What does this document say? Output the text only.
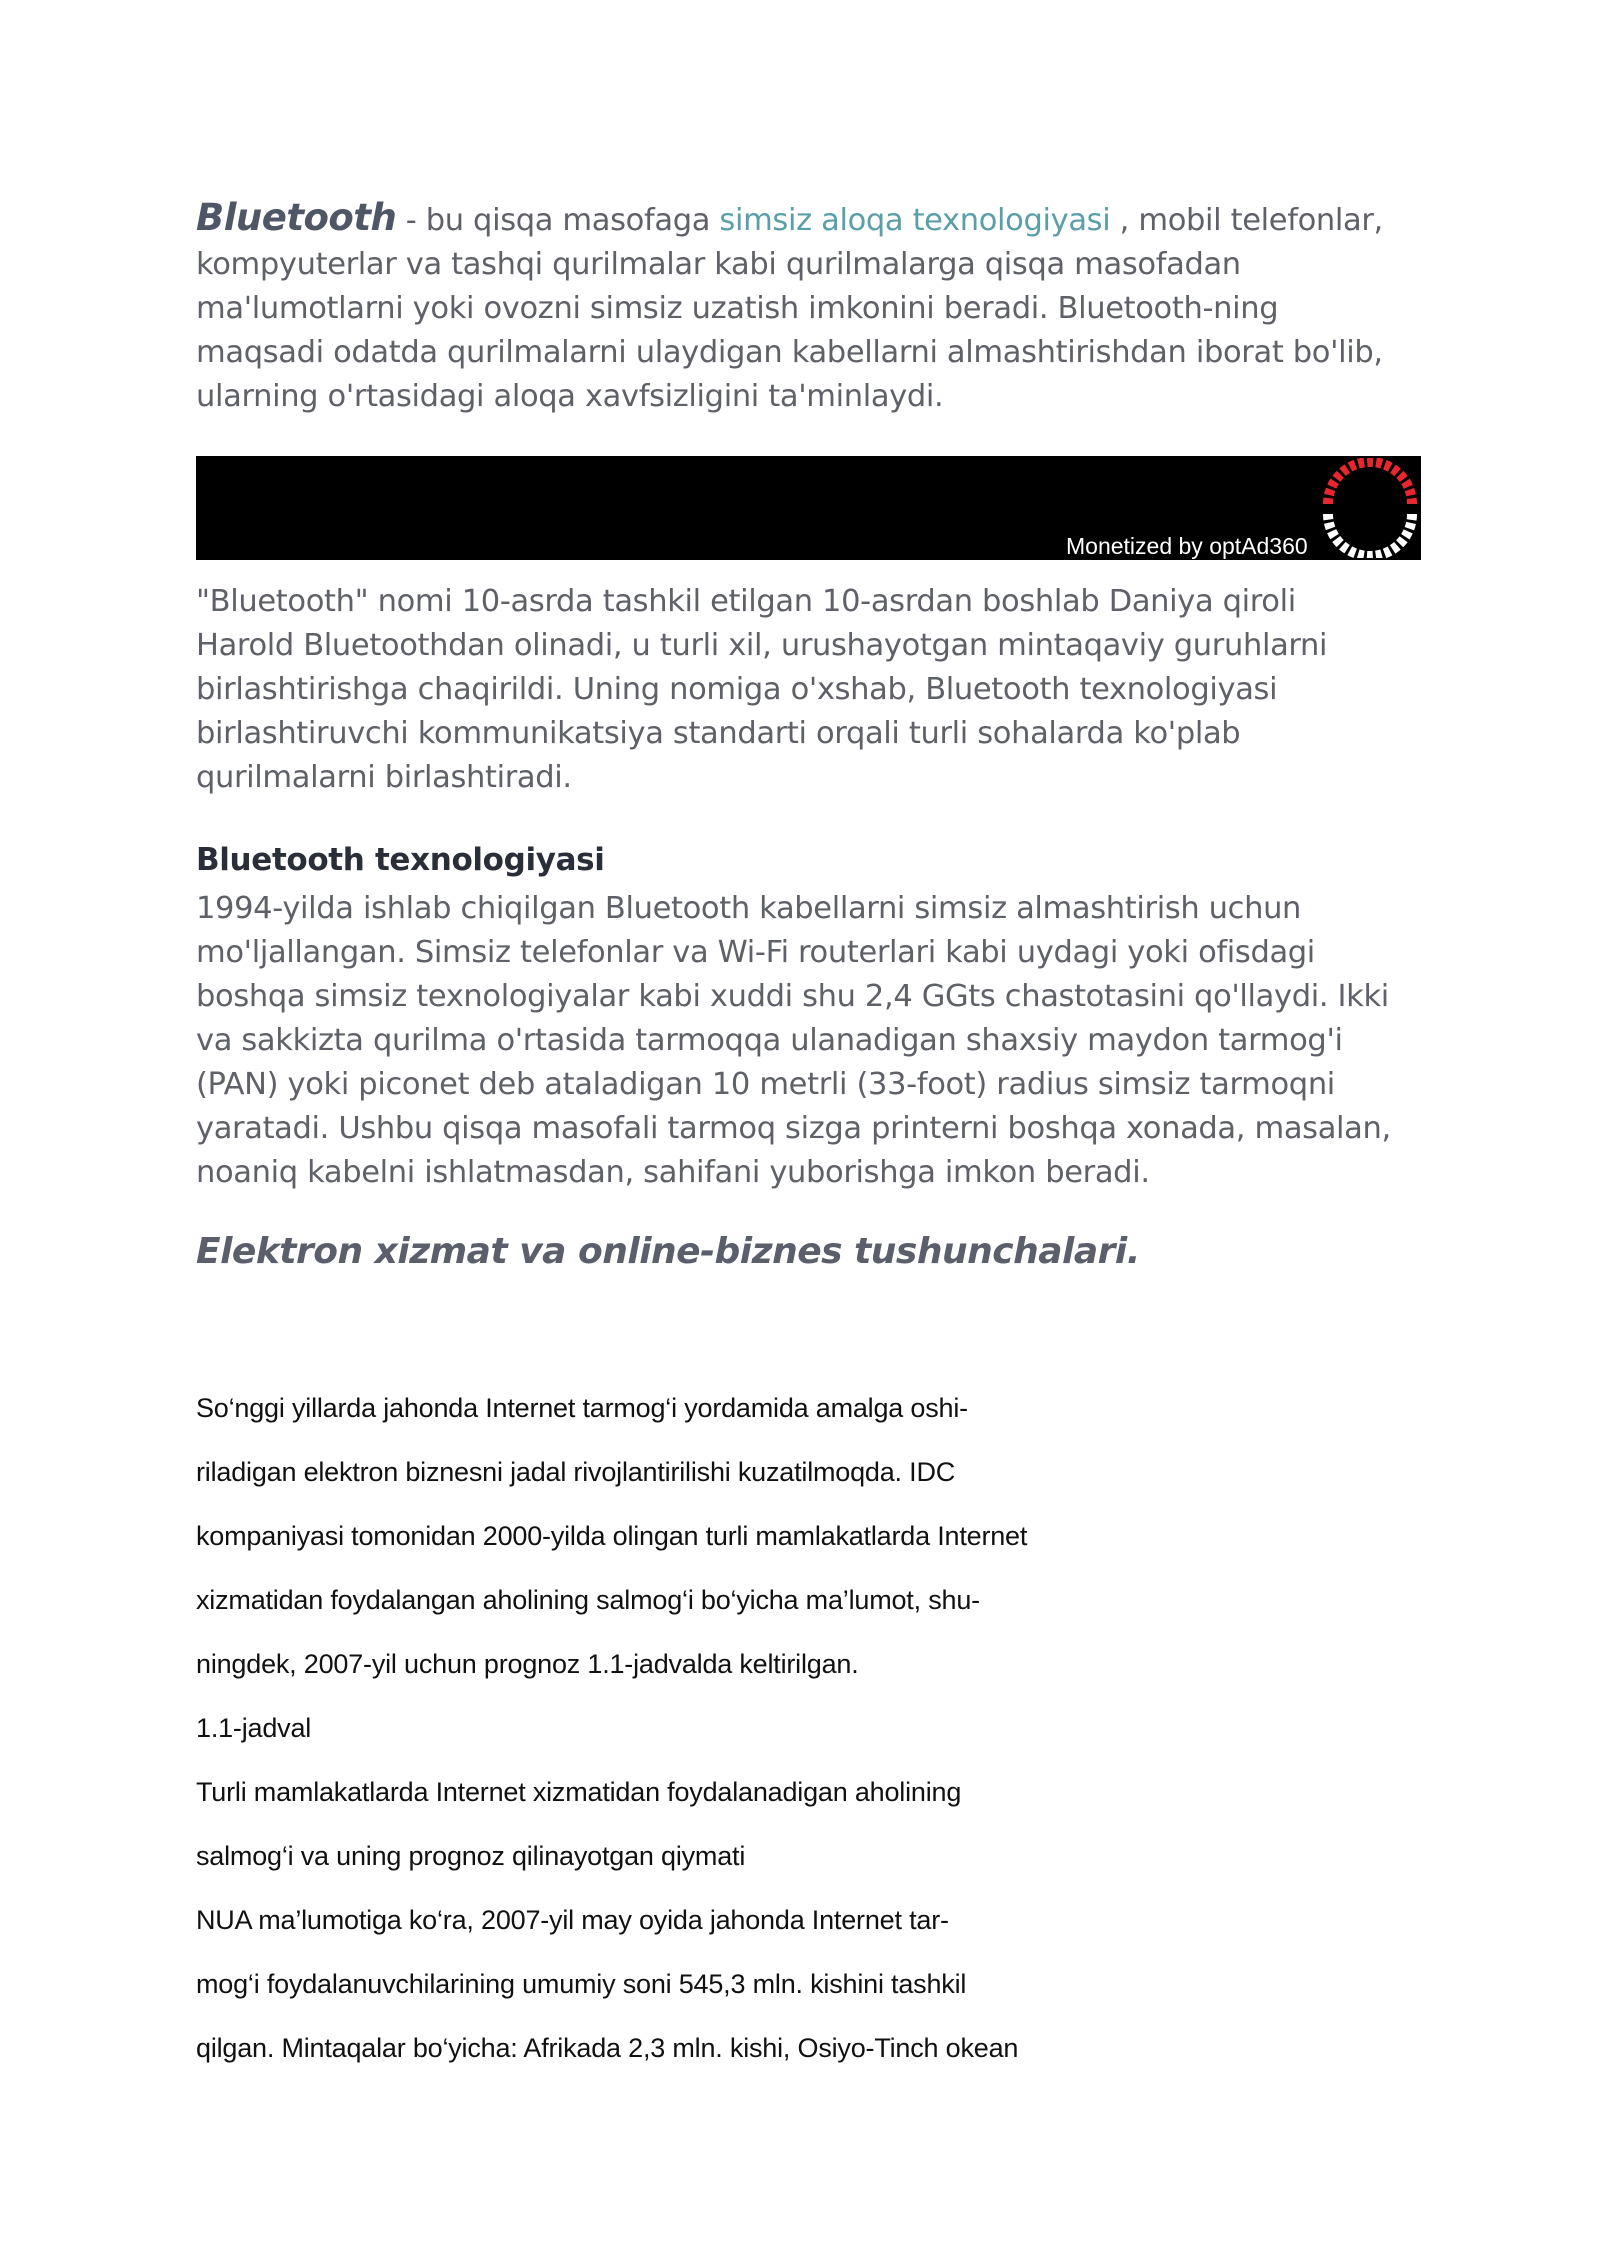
Bluetooth - bu qisqa masofaga simsiz aloqa texnologiyasi , mobil telefonlar,
kompyuterlar va tashqi qurilmalar kabi qurilmalarga qisqa masofadan
ma'lumotlarni yoki ovozni simsiz uzatish imkonini beradi. Bluetooth-ning
maqsadi odatda qurilmalarni ulaydigan kabellarni almashtirishdan iborat bo'lib,
ularning o'rtasidagi aloqa xavfsizligini ta'minlaydi.
Monetized by optAd360
"Bluetooth" nomi 10-asrda tashkil etilgan 10-asrdan boshlab Daniya qiroli
Harold Bluetoothdan olinadi, u turli xil, urushayotgan mintaqaviy guruhlarni
birlashtirishga chaqirildi. Uning nomiga o'xshab, Bluetooth texnologiyasi
birlashtiruvchi kommunikatsiya standarti orqali turli sohalarda ko'plab
qurilmalarni birlashtiradi.
Bluetooth texnologiyasi
1994-yilda ishlab chiqilgan Bluetooth kabellarni simsiz almashtirish uchun
mo'ljallangan. Simsiz telefonlar va Wi-Fi routerlari kabi uydagi yoki ofisdagi
boshqa simsiz texnologiyalar kabi xuddi shu 2,4 GGts chastotasini qo'llaydi. Ikki
va sakkizta qurilma o'rtasida tarmoqqa ulanadigan shaxsiy maydon tarmog'i
(PAN) yoki piconet deb ataladigan 10 metrli (33-foot) radius simsiz tarmoqni
yaratadi. Ushbu qisqa masofali tarmoq sizga printerni boshqa xonada, masalan,
noaniq kabelni ishlatmasdan, sahifani yuborishga imkon beradi.
Elektron xizmat va online-biznes tushunchalari.
So‘nggi yillarda jahonda Internet tarmog‘i yordamida amalga oshi-
riladigan elektron biznesni jadal rivojlantirilishi kuzatilmoqda. IDC
kompaniyasi tomonidan 2000-yilda olingan turli mamlakatlarda Internet
xizmatidan foydalangan aholining salmog‘i bo‘yicha ma’lumot, shu-
ningdek, 2007-yil uchun prognoz 1.1-jadvalda keltirilgan.
1.1-jadval
Turli mamlakatlarda Internet xizmatidan foydalanadigan aholining
salmog‘i va uning prognoz qilinayotgan qiymati
NUA ma’lumotiga ko‘ra, 2007-yil may oyida jahonda Internet tar-
mog‘i foydalanuvchilarining umumiy soni 545,3 mln. kishini tashkil
qilgan. Mintaqalar bo‘yicha: Afrikada 2,3 mln. kishi, Osiyo-Tinch okean
